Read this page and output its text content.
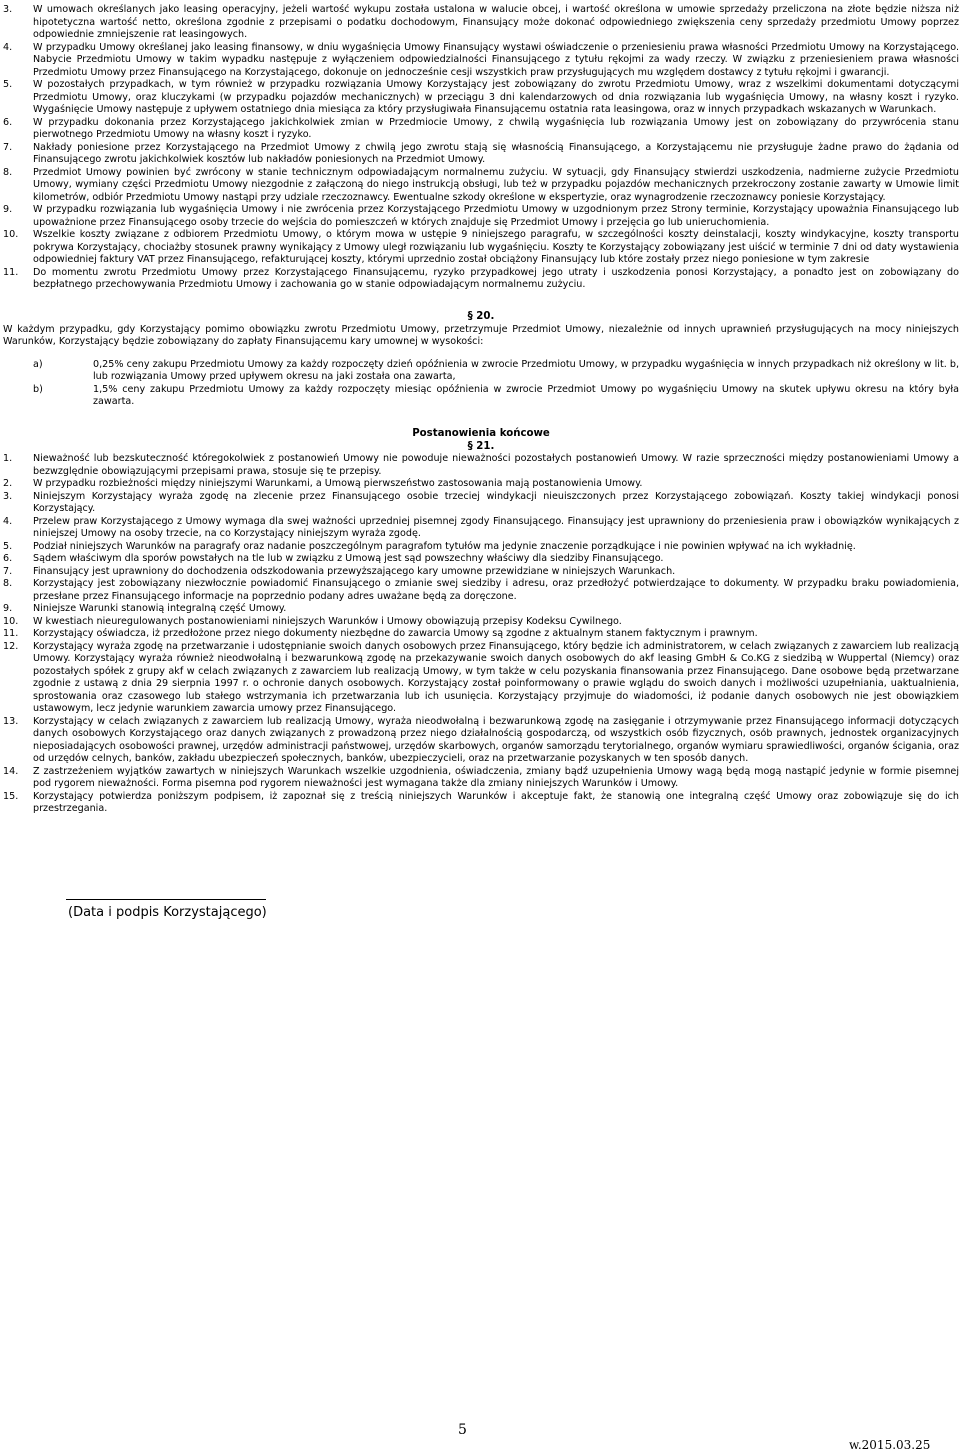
3. W umowach określanych jako leasing operacyjny, jeżeli wartość wykupu została ustalona w walucie obcej, i wartość określona w umowie sprzedaży przeliczona na złote będzie niższa niż hipotetyczna wartość netto, określona zgodnie z przepisami o podatku dochodowym, Finansujący może dokonać odpowiedniego zwiększenia ceny sprzedaży przedmiotu Umowy poprzez odpowiednie zmniejszenie rat leasingowych.
4. W przypadku Umowy określanej jako leasing finansowy, w dniu wygaśnięcia Umowy Finansujący wystawi oświadczenie o przeniesieniu prawa własności Przedmiotu Umowy na Korzystającego. Nabycie Przedmiotu Umowy w takim wypadku następuje z wyłączeniem odpowiedzialności Finansującego z tytułu rękojmi za wady rzeczy. W związku z przeniesieniem prawa własności Przedmiotu Umowy przez Finansującego na Korzystającego, dokonuje on jednocześnie cesji wszystkich praw przysługujących mu względem dostawcy z tytułu rękojmi i gwarancji.
5. W pozostałych przypadkach, w tym również w przypadku rozwiązania Umowy Korzystający jest zobowiązany do zwrotu Przedmiotu Umowy, wraz z wszelkimi dokumentami dotyczącymi Przedmiotu Umowy, oraz kluczykami (w przypadku pojazdów mechanicznych) w przeciągu 3 dni kalendarzowych od dnia rozwiązania lub wygaśnięcia Umowy, na własny koszt i ryzyko. Wygaśnięcie Umowy następuje z upływem ostatniego dnia miesiąca za który przysługiwała Finansującemu ostatnia rata leasingowa, oraz w innych przypadkach wskazanych w Warunkach.
6. W przypadku dokonania przez Korzystającego jakichkolwiek zmian w Przedmiocie Umowy, z chwilą wygaśnięcia lub rozwiązania Umowy jest on zobowiązany do przywrócenia stanu pierwotnego Przedmiotu Umowy na własny koszt i ryzyko.
7. Nakłady poniesione przez Korzystającego na Przedmiot Umowy z chwilą jego zwrotu stają się własnością Finansującego, a Korzystającemu nie przysługuje żadne prawo do żądania od Finansującego zwrotu jakichkolwiek kosztów lub nakładów poniesionych na Przedmiot Umowy.
8. Przedmiot Umowy powinien być zwrócony w stanie technicznym odpowiadającym normalnemu zużyciu. W sytuacji, gdy Finansujący stwierdzi uszkodzenia, nadmierne zużycie Przedmiotu Umowy, wymiany części Przedmiotu Umowy niezgodnie z załączoną do niego instrukcją obsługi, lub też w przypadku pojazdów mechanicznych przekroczony zostanie zawarty w Umowie limit kilometrów, odbiór Przedmiotu Umowy nastąpi przy udziale rzeczoznawcy. Ewentualne szkody określone w ekspertyzie, oraz wynagrodzenie rzeczoznawcy poniesie Korzystający.
9. W przypadku rozwiązania lub wygaśnięcia Umowy i nie zwrócenia przez Korzystającego Przedmiotu Umowy w uzgodnionym przez Strony terminie, Korzystający upoważnia Finansującego lub upoważnione przez Finansującego osoby trzecie do wejścia do pomieszczeń w których znajduje się Przedmiot Umowy i przejęcia go lub unieruchomienia.
10. Wszelkie koszty związane z odbiorem Przedmiotu Umowy, o którym mowa w ustępie 9 niniejszego paragrafu, w szczególności koszty deinstalacji, koszty windykacyjne, koszty transportu pokrywa Korzystający, chociażby stosunek prawny wynikający z Umowy uległ rozwiązaniu lub wygaśnięciu. Koszty te Korzystający zobowiązany jest uiścić w terminie 7 dni od daty wystawienia odpowiedniej faktury VAT przez Finansującego, refakturującej koszty, którymi uprzednio został obciążony Finansujący lub które zostały przez niego poniesione w tym zakresie
11. Do momentu zwrotu Przedmiotu Umowy przez Korzystającego Finansującemu, ryzyko przypadkowej jego utraty i uszkodzenia ponosi Korzystający, a ponadto jest on zobowiązany do bezpłatnego przechowywania Przedmiotu Umowy i zachowania go w stanie odpowiadającym normalnemu zużyciu.
§ 20.
W każdym przypadku, gdy Korzystający pomimo obowiązku zwrotu Przedmiotu Umowy, przetrzymuje Przedmiot Umowy, niezależnie od innych uprawnień przysługujących na mocy niniejszych Warunków, Korzystający będzie zobowiązany do zapłaty Finansującemu kary umownej w wysokości:
a)	0,25% ceny zakupu Przedmiotu Umowy za każdy rozpoczęty dzień opóźnienia w zwrocie Przedmiotu Umowy, w przypadku wygaśnięcia w innych przypadkach niż określony w lit. b, lub rozwiązania Umowy przed upływem okresu na jaki została ona zawarta,
b)	1,5% ceny zakupu Przedmiotu Umowy za każdy rozpoczęty miesiąc opóźnienia w zwrocie Przedmiot Umowy po wygaśnięciu Umowy na skutek upływu okresu na który była zawarta.
Postanowienia końcowe
§ 21.
1. Nieważność lub bezskuteczność któregokolwiek z postanowień Umowy nie powoduje nieważności pozostałych postanowień Umowy. W razie sprzeczności między postanowieniami Umowy a bezwzględnie obowiązującymi przepisami prawa, stosuje się te przepisy.
2. W przypadku rozbieżności między niniejszymi Warunkami, a Umową pierwszeństwo zastosowania mają postanowienia Umowy.
3. Niniejszym Korzystający wyraża zgodę na zlecenie przez Finansującego osobie trzeciej windykacji nieuiszczonych przez Korzystającego zobowiązań. Koszty takiej windykacji ponosi Korzystający.
4. Przelew praw Korzystającego z Umowy wymaga dla swej ważności uprzedniej pisemnej zgody Finansującego. Finansujący jest uprawniony do przeniesienia praw i obowiązków wynikających z niniejszej Umowy na osoby trzecie, na co Korzystający niniejszym wyraża zgodę.
5. Podział niniejszych Warunków na paragrafy oraz nadanie poszczególnym paragrafom tytułów ma jedynie znaczenie porządkujące i nie powinien wpływać na ich wykładnię.
6. Sądem właściwym dla sporów powstałych na tle lub w związku z Umową jest sąd powszechny właściwy dla siedziby Finansującego.
7. Finansujący jest uprawniony do dochodzenia odszkodowania przewyższającego kary umowne przewidziane w niniejszych Warunkach.
8. Korzystający jest zobowiązany niezwłocznie powiadomić Finansującego o zmianie swej siedziby i adresu, oraz przedłożyć potwierdzające to dokumenty. W przypadku braku powiadomienia, przesłane przez Finansującego informacje na poprzednio podany adres uważane będą za doręczone.
9. Niniejsze Warunki stanowią integralną część Umowy.
10. W kwestiach nieuregulowanych postanowieniami niniejszych Warunków i Umowy obowiązują przepisy Kodeksu Cywilnego.
11. Korzystający oświadcza, iż przedłożone przez niego dokumenty niezbędne do zawarcia Umowy są zgodne z aktualnym stanem faktycznym i prawnym.
12. Korzystający wyraża zgodę na przetwarzanie i udostępnianie swoich danych osobowych przez Finansującego, który będzie ich administratorem, w celach związanych z zawarciem lub realizacją Umowy. Korzystający wyraża również nieodwołalną i bezwarunkową zgodę na przekazywanie swoich danych osobowych do akf leasing GmbH & Co.KG z siedzibą w Wuppertal (Niemcy) oraz pozostałych spółek z grupy akf w celach związanych z zawarciem lub realizacją Umowy, w tym także w celu pozyskania finansowania przez Finansującego. Dane osobowe będą przetwarzane zgodnie z ustawą z dnia 29 sierpnia 1997 r. o ochronie danych osobowych. Korzystający został poinformowany o prawie wglądu do swoich danych i możliwości uzupełniania, uaktualnienia, sprostowania oraz czasowego lub stałego wstrzymania ich przetwarzania lub ich usunięcia. Korzystający przyjmuje do wiadomości, iż podanie danych osobowych nie jest obowiązkiem ustawowym, lecz jedynie warunkiem zawarcia umowy przez Finansującego.
13. Korzystający w celach związanych z zawarciem lub realizacją Umowy, wyraża nieodwołalną i bezwarunkową zgodę na zasięganie i otrzymywanie przez Finansującego informacji dotyczących danych osobowych Korzystającego oraz danych związanych z prowadzoną przez niego działalnością gospodarczą, od wszystkich osób fizycznych, osób prawnych, jednostek organizacyjnych nieposiadających osobowości prawnej, urzędów administracji państwowej, urzędów skarbowych, organów samorządu terytorialnego, organów wymiaru sprawiedliwości, organów ścigania, oraz od urzędów celnych, banków, zakładu ubezpieczeń społecznych, banków, ubezpieczycieli, oraz na przetwarzanie pozyskanych w ten sposób danych.
14. Z zastrzeżeniem wyjątków zawartych w niniejszych Warunkach wszelkie uzgodnienia, oświadczenia, zmiany bądź uzupełnienia Umowy wagą będą mogą nastąpić jedynie w formie pisemnej pod rygorem nieważności. Forma pisemna pod rygorem nieważności jest wymagana także dla zmiany niniejszych Warunków i Umowy.
15. Korzystający potwierdza poniższym podpisem, iż zapoznał się z treścią niniejszych Warunków i akceptuje fakt, że stanowią one integralną część Umowy oraz zobowiązuje się do ich przestrzegania.
(Data i podpis Korzystającego)
5
w.2015.03.25
